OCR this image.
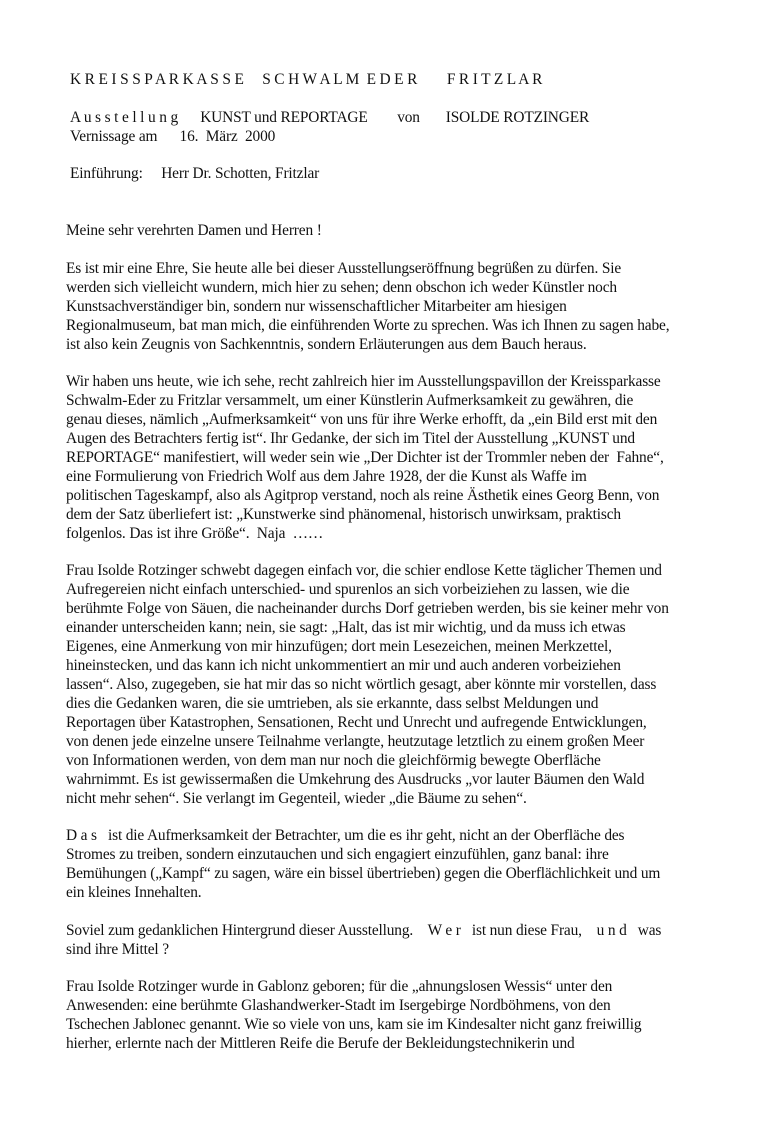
K R E I S S P A R K A S S E     S C H W A L M  E D E R        F R I T Z L A R
A u s s t e l l u n g      KUNST und REPORTAGE        von       ISOLDE ROTZINGER
Vernissage am      16.  März  2000
Einführung:     Herr Dr. Schotten, Fritzlar
Meine sehr verehrten Damen und Herren !
Es ist mir eine Ehre, Sie heute alle bei dieser Ausstellungseröffnung begrüßen zu dürfen. Sie
werden sich vielleicht wundern, mich hier zu sehen; denn obschon ich weder Künstler noch
Kunstsachverständiger bin, sondern nur wissenschaftlicher Mitarbeiter am hiesigen
Regionalmuseum, bat man mich, die einführenden Worte zu sprechen. Was ich Ihnen zu sagen habe,
ist also kein Zeugnis von Sachkenntnis, sondern Erläuterungen aus dem Bauch heraus.
Wir haben uns heute, wie ich sehe, recht zahlreich hier im Ausstellungspavillon der Kreissparkasse
Schwalm-Eder zu Fritzlar versammelt, um einer Künstlerin Aufmerksamkeit zu gewähren, die
genau dieses, nämlich „Aufmerksamkeit“ von uns für ihre Werke erhofft, da „ein Bild erst mit den
Augen des Betrachters fertig ist“. Ihr Gedanke, der sich im Titel der Ausstellung „KUNST und
REPORTAGE“ manifestiert, will weder sein wie „Der Dichter ist der Trommler neben der  Fahne“,
eine Formulierung von Friedrich Wolf aus dem Jahre 1928, der die Kunst als Waffe im
politischen Tageskampf, also als Agitprop verstand, noch als reine Ästhetik eines Georg Benn, von
dem der Satz überliefert ist: „Kunstwerke sind phänomenal, historisch unwirksam, praktisch
folgenlos. Das ist ihre Größe“.  Naja  ……
Frau Isolde Rotzinger schwebt dagegen einfach vor, die schier endlose Kette täglicher Themen und
Aufregereien nicht einfach unterschied- und spurenlos an sich vorbeiziehen zu lassen, wie die
berühmte Folge von Säuen, die nacheinander durchs Dorf getrieben werden, bis sie keiner mehr von
einander unterscheiden kann; nein, sie sagt: „Halt, das ist mir wichtig, und da muss ich etwas
Eigenes, eine Anmerkung von mir hinzufügen; dort mein Lesezeichen, meinen Merkzettel,
hineinstecken, und das kann ich nicht unkommentiert an mir und auch anderen vorbeiziehen
lassen“. Also, zugegeben, sie hat mir das so nicht wörtlich gesagt, aber könnte mir vorstellen, dass
dies die Gedanken waren, die sie umtrieben, als sie erkannte, dass selbst Meldungen und
Reportagen über Katastrophen, Sensationen, Recht und Unrecht und aufregende Entwicklungen,
von denen jede einzelne unsere Teilnahme verlangte, heutzutage letztlich zu einem großen Meer
von Informationen werden, von dem man nur noch die gleichförmig bewegte Oberfläche
wahrnimmt. Es ist gewissermaßen die Umkehrung des Ausdrucks „vor lauter Bäumen den Wald
nicht mehr sehen“. Sie verlangt im Gegenteil, wieder „die Bäume zu sehen“.
D a s   ist die Aufmerksamkeit der Betrachter, um die es ihr geht, nicht an der Oberfläche des
Stromes zu treiben, sondern einzutauchen und sich engagiert einzufühlen, ganz banal: ihre
Bemühungen („Kampf“ zu sagen, wäre ein bissel übertrieben) gegen die Oberflächlichkeit und um
ein kleines Innehalten.
Soviel zum gedanklichen Hintergrund dieser Ausstellung.    W e r   ist nun diese Frau,    u n d   was
sind ihre Mittel ?
Frau Isolde Rotzinger wurde in Gablonz geboren; für die „ahnungslosen Wessis“ unter den
Anwesenden: eine berühmte Glashandwerker-Stadt im Isergebirge Nordböhmens, von den
Tschechen Jablonec genannt. Wie so viele von uns, kam sie im Kindesalter nicht ganz freiwillig
hierher, erlernte nach der Mittleren Reife die Berufe der Bekleidungstechnikerin und
